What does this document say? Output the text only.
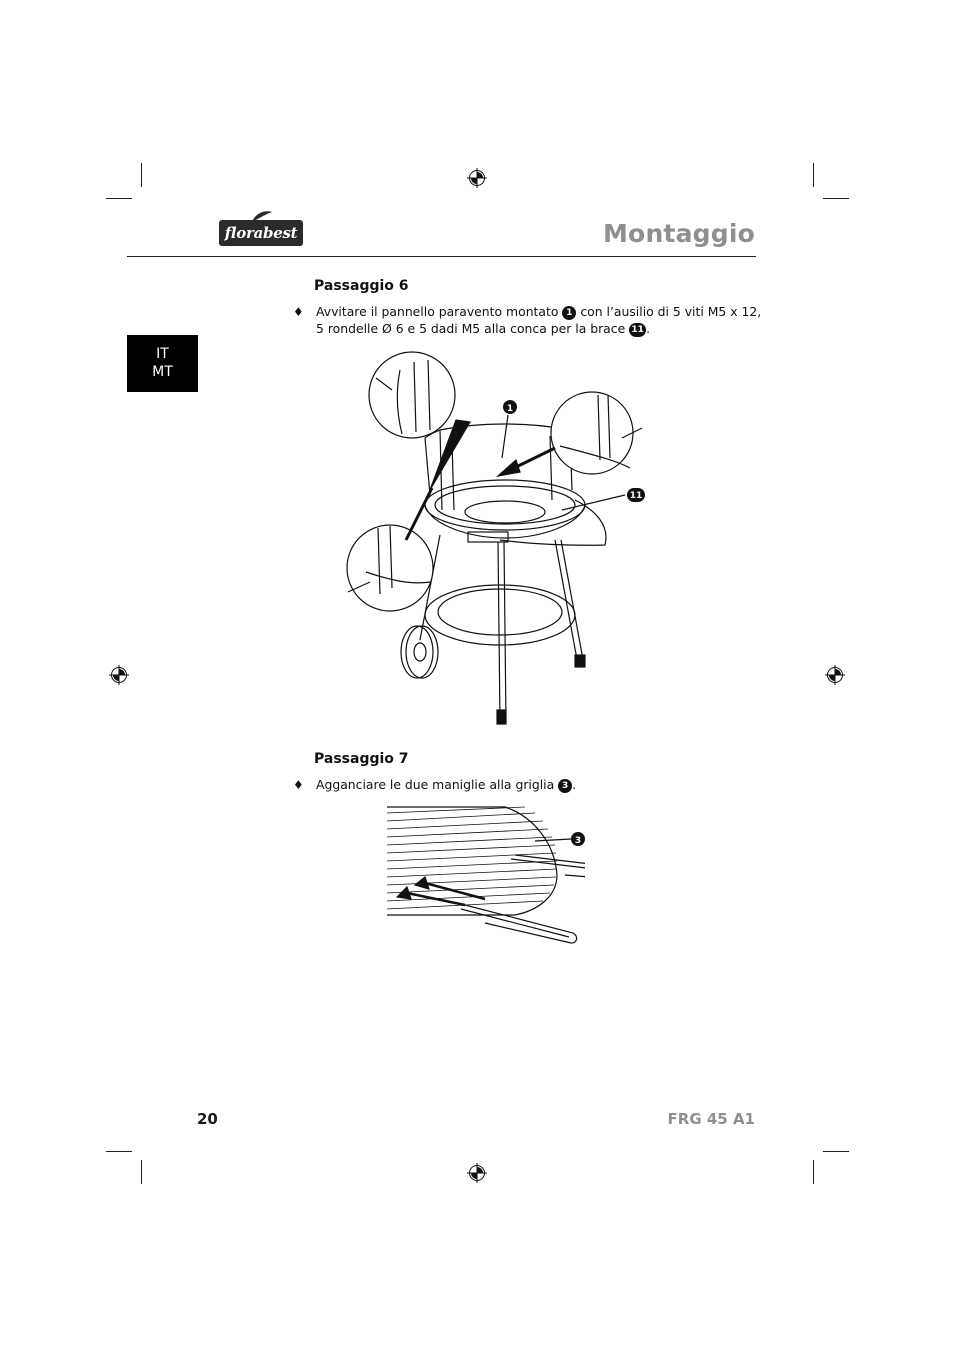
florabest	Montaggio
IT
MT
Passaggio 6
♦ Avvitare il pannello paravento montato 1 con l’ausilio di 5 viti M5 x 12,
5 rondelle Ø 6 e 5 dadi M5 alla conca per la brace 11 .
1
11
Passaggio 7
♦ Agganciare le due maniglie alla griglia 3 .
3
20	FRG 45 A1
